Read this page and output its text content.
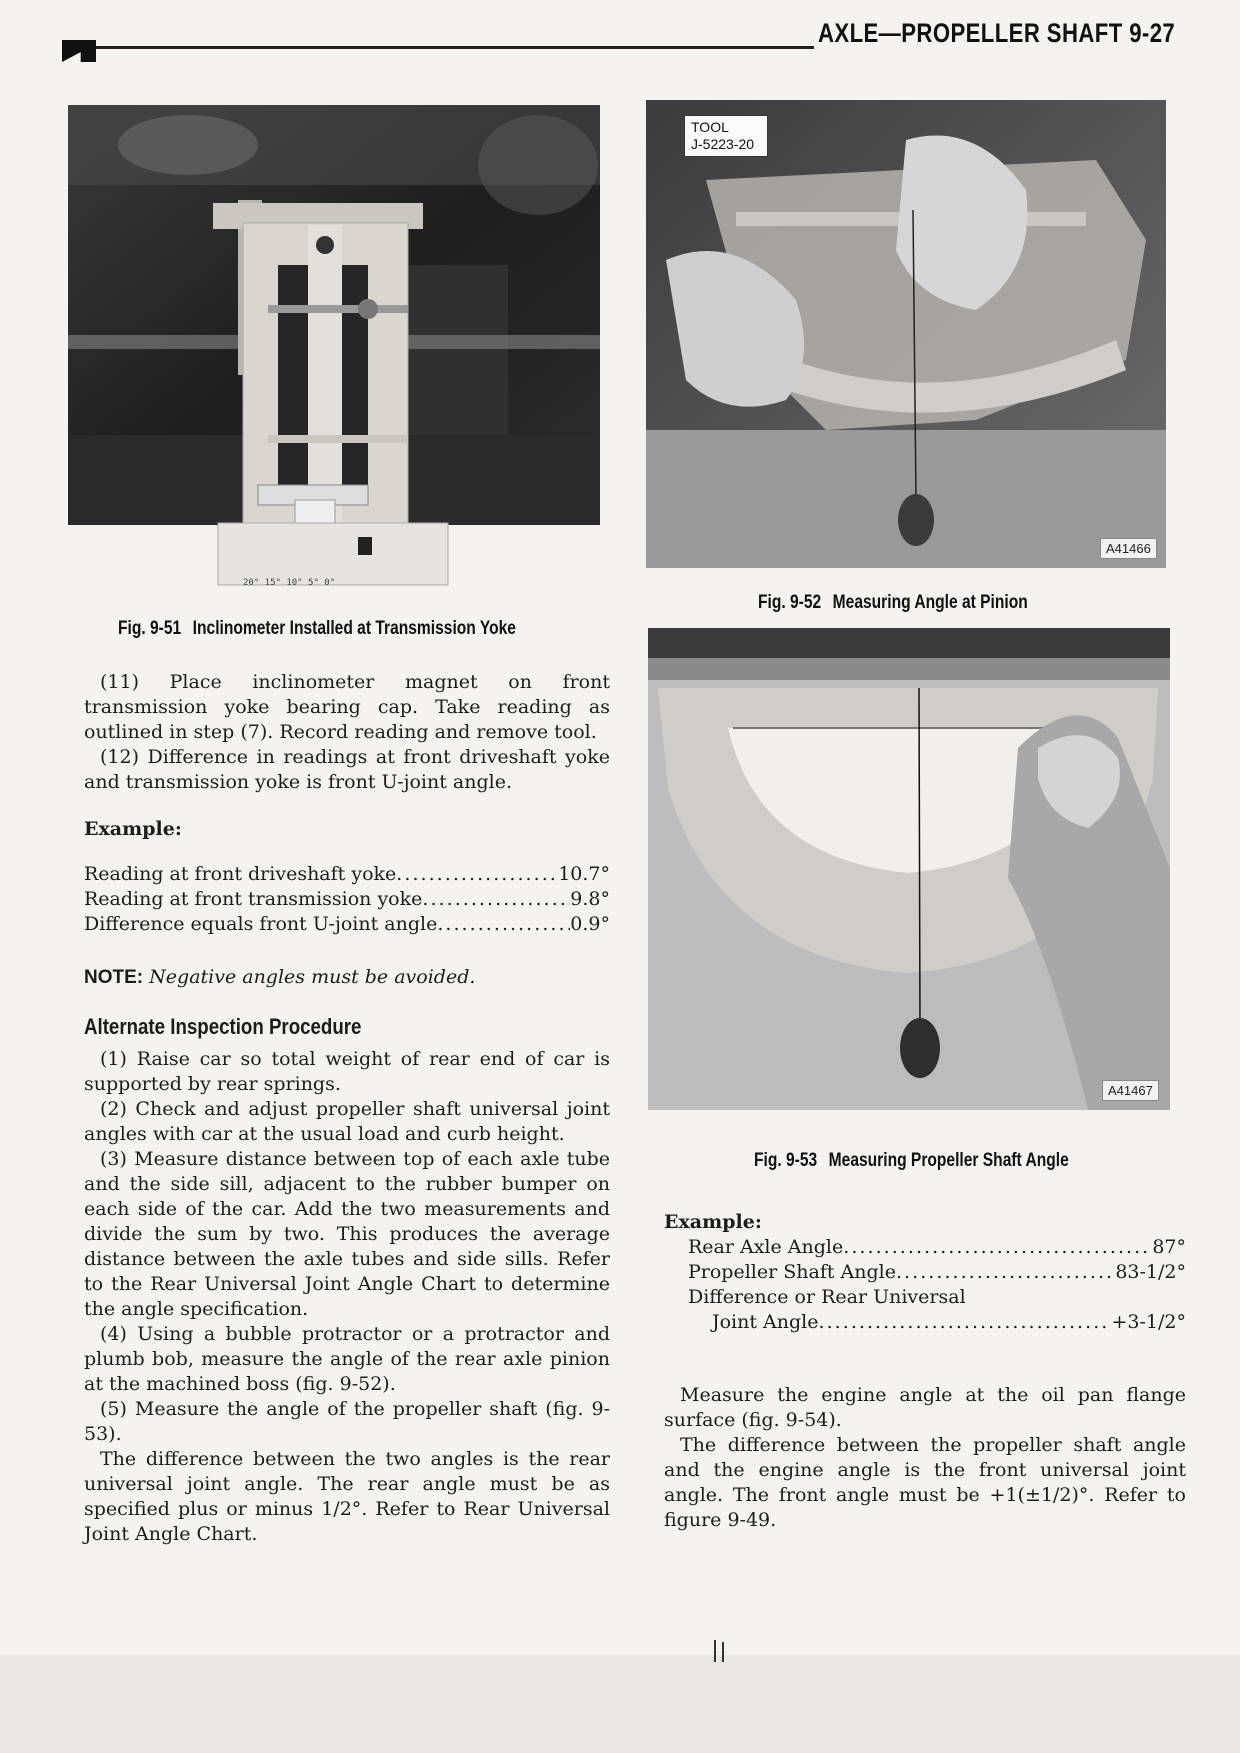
AXLE—PROPELLER SHAFT 9-27
20° 15° 10° 5° 0°
Fig. 9-51 Inclinometer Installed at Transmission Yoke
TOOL
J-5223-20
A41466
Fig. 9-52 Measuring Angle at Pinion
A41467
Fig. 9-53 Measuring Propeller Shaft Angle

(11) Place inclinometer magnet on front transmission yoke bearing cap. Take reading as outlined in step (7). Record reading and remove tool.

(12) Difference in readings at front driveshaft yoke and transmission yoke is front U-joint angle.

Example:
Reading at front driveshaft yoke . . .	10.7°
Reading at front transmission yoke . . .	9.8°
Difference equals front U-joint angle . . .	0.9°
NOTE: Negative angles must be avoided.
Alternate Inspection Procedure

(1) Raise car so total weight of rear end of car is supported by rear springs.

(2) Check and adjust propeller shaft universal joint angles with car at the usual load and curb height.

(3) Measure distance between top of each axle tube and the side sill, adjacent to the rubber bumper on each side of the car. Add the two measurements and divide the sum by two. This produces the average distance between the axle tubes and side sills. Refer to the Rear Universal Joint Angle Chart to determine the angle specification.

(4) Using a bubble protractor or a protractor and plumb bob, measure the angle of the rear axle pinion at the machined boss (fig. 9-52).

(5) Measure the angle of the propeller shaft (fig. 9-53).

The difference between the two angles is the rear universal joint angle. The rear angle must be as specified plus or minus 1/2°. Refer to Rear Universal Joint Angle Chart.

Example:
Rear Axle Angle . . .	87°
Propeller Shaft Angle . . .	83-1/2°
Difference or Rear Universal
Joint Angle . . .	+3-1/2°

Measure the engine angle at the oil pan flange surface (fig. 9-54).

The difference between the propeller shaft angle and the engine angle is the front universal joint angle. The front angle must be +1(±1/2)°. Refer to figure 9-49.
